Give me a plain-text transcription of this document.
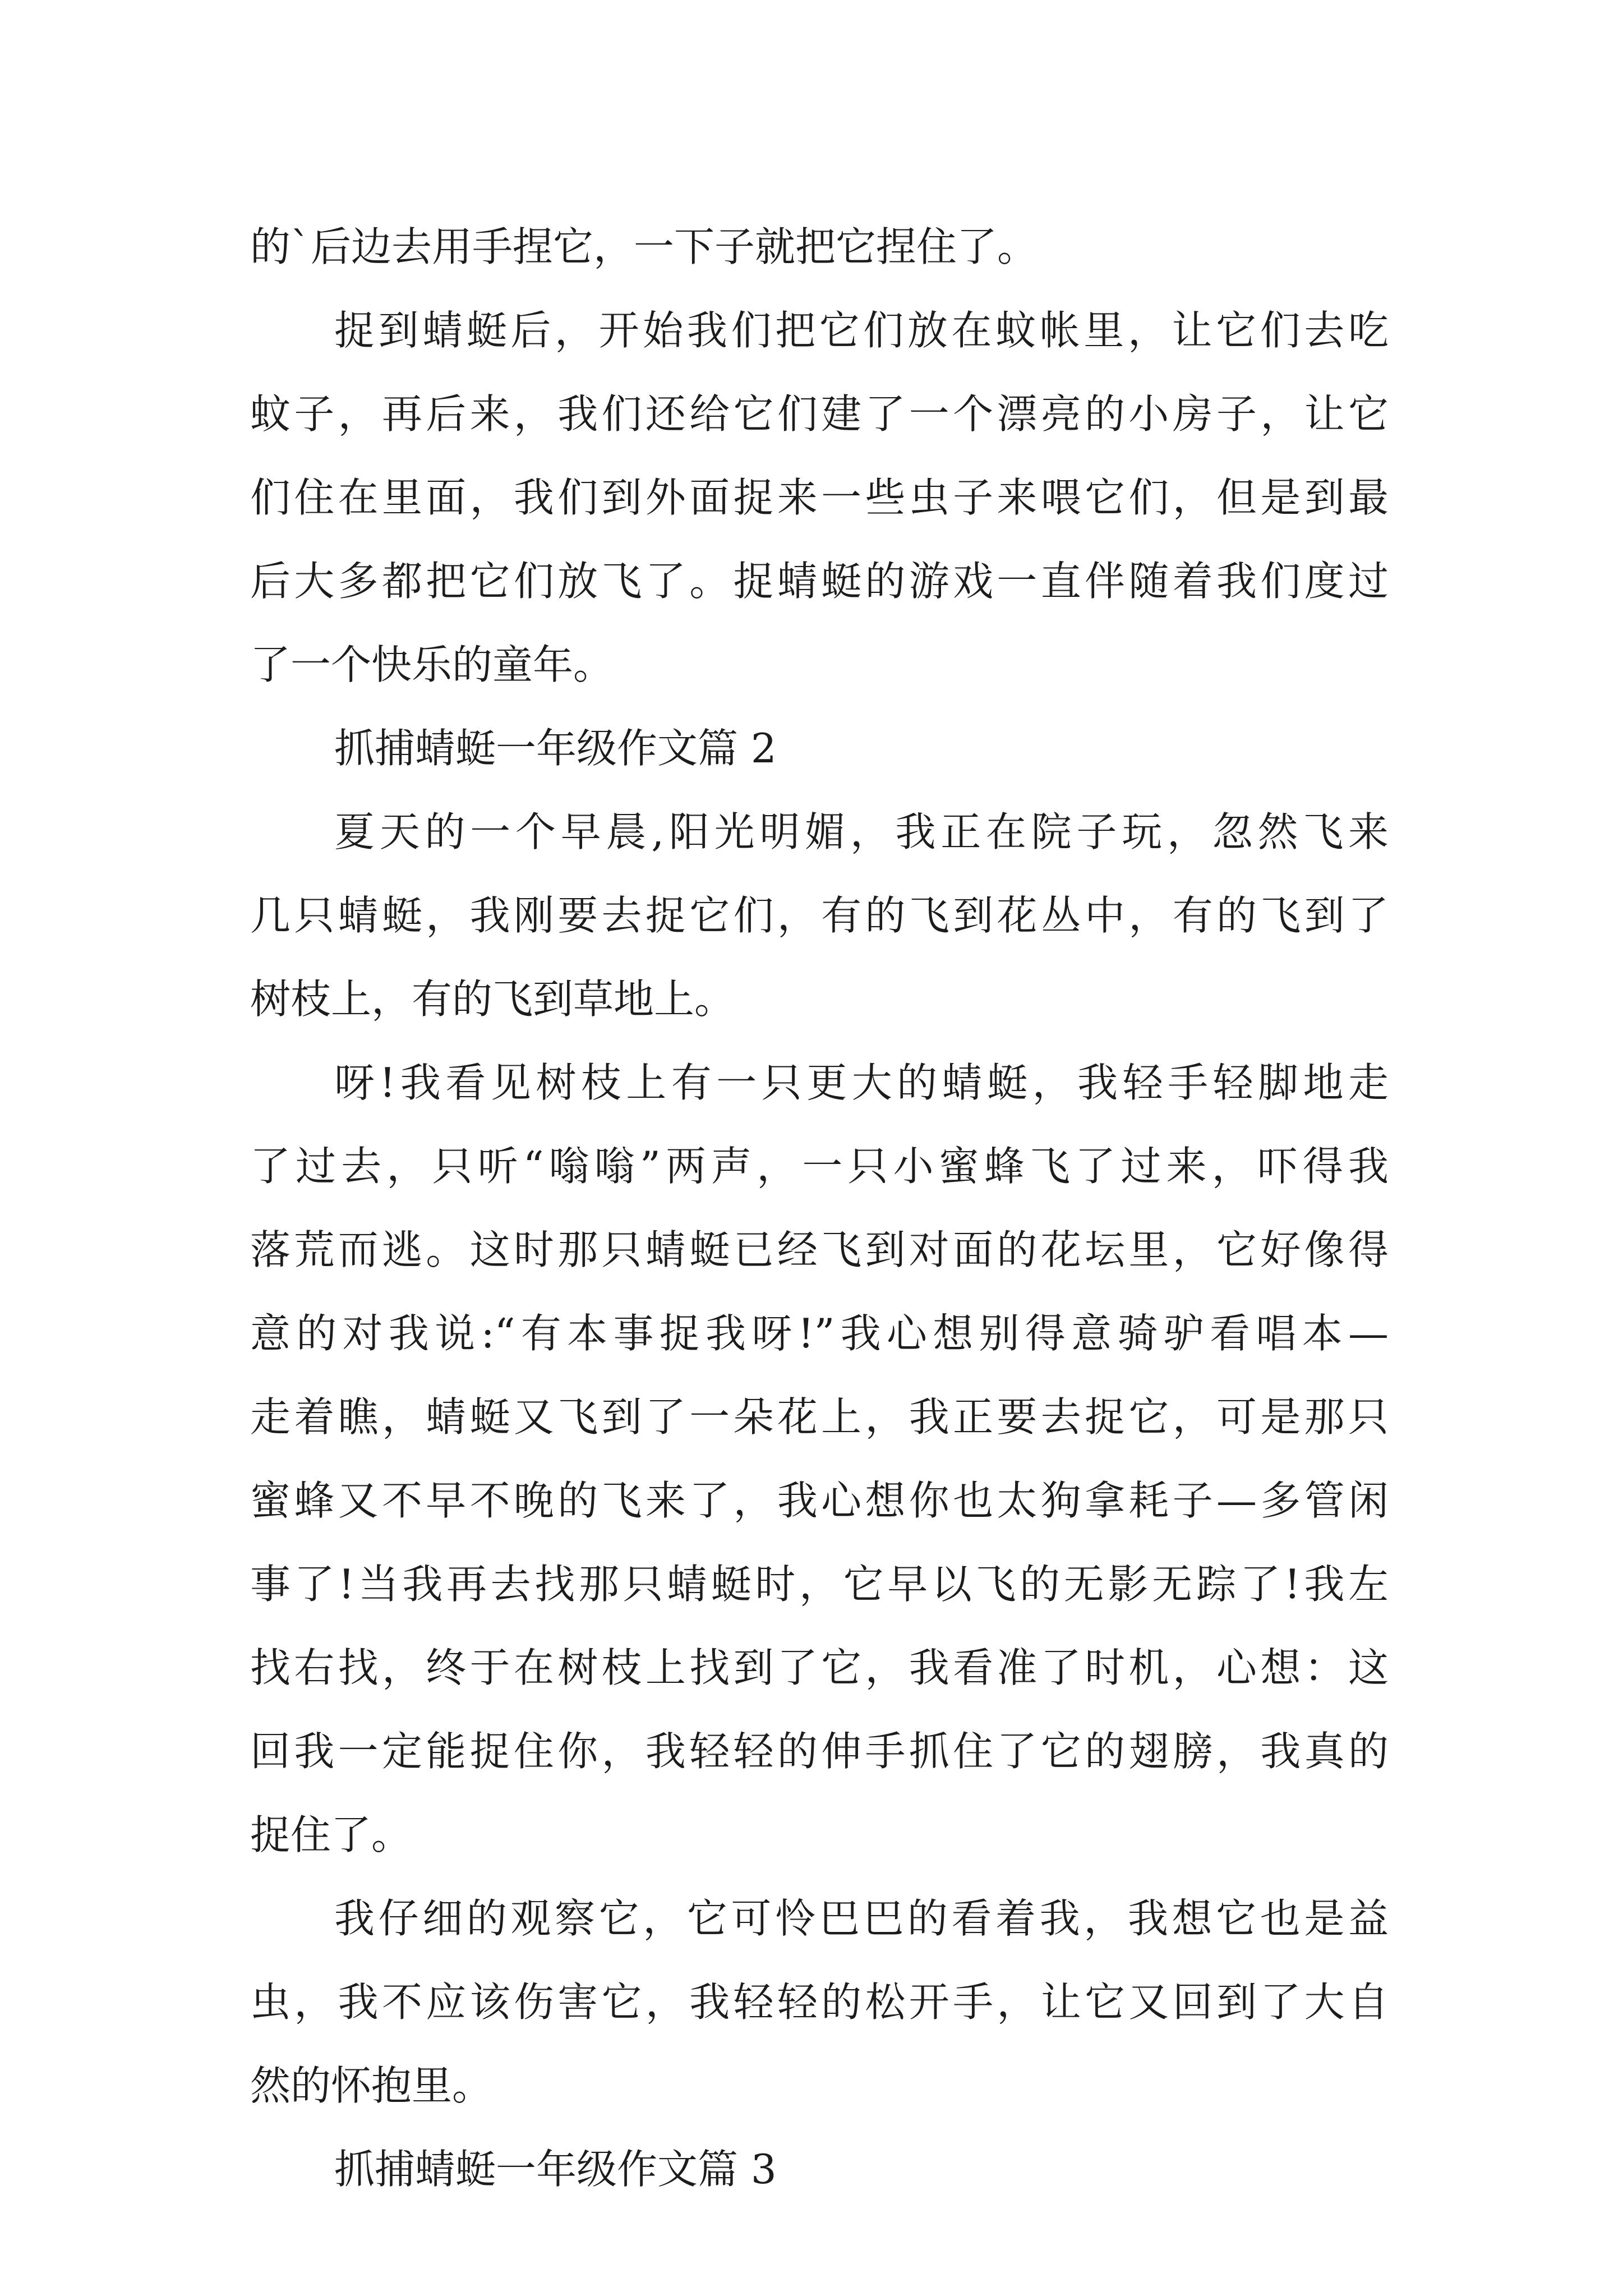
的`后边去用手捏它，一下子就把它捏住了。
捉到蜻蜓后，开始我们把它们放在蚊帐里，让它们去吃
蚊子，再后来，我们还给它们建了一个漂亮的小房子，让它
们住在里面，我们到外面捉来一些虫子来喂它们，但是到最
后大多都把它们放飞了。捉蜻蜓的游戏一直伴随着我们度过
了一个快乐的童年。
抓捕蜻蜓一年级作文篇 2
夏天的一个早晨,阳光明媚，我正在院子玩，忽然飞来
几只蜻蜓，我刚要去捉它们，有的飞到花丛中，有的飞到了
树枝上，有的飞到草地上。
呀!我看见树枝上有一只更大的蜻蜓，我轻手轻脚地走
了过去，只听“嗡嗡”两声，一只小蜜蜂飞了过来，吓得我
落荒而逃。这时那只蜻蜓已经飞到对面的花坛里，它好像得
意的对我说:“有本事捉我呀!”我心想别得意骑驴看唱本—
走着瞧，蜻蜓又飞到了一朵花上，我正要去捉它，可是那只
蜜蜂又不早不晚的飞来了，我心想你也太狗拿耗子—多管闲
事了!当我再去找那只蜻蜓时，它早以飞的无影无踪了!我左
找右找，终于在树枝上找到了它，我看准了时机，心想：这
回我一定能捉住你，我轻轻的伸手抓住了它的翅膀，我真的
捉住了。
我仔细的观察它，它可怜巴巴的看着我，我想它也是益
虫，我不应该伤害它，我轻轻的松开手，让它又回到了大自
然的怀抱里。
抓捕蜻蜓一年级作文篇 3
